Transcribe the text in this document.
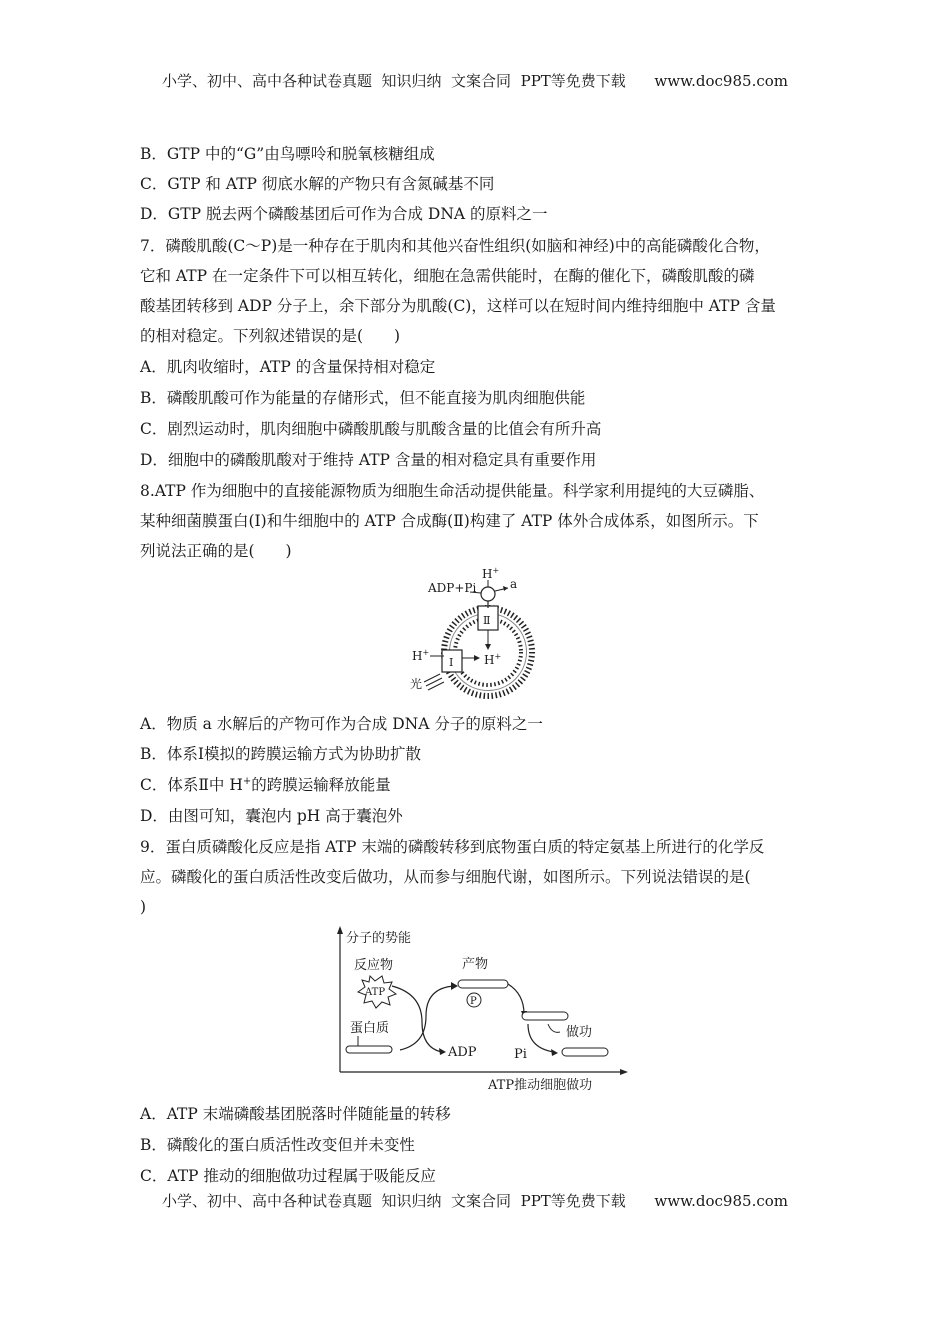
小学、初中、高中各种试卷真题  知识归纳  文案合同  PPT等免费下载      www.doc985.com
B．GTP 中的“G”由鸟嘌呤和脱氧核糖组成
C．GTP 和 ATP 彻底水解的产物只有含氮碱基不同
D．GTP 脱去两个磷酸基团后可作为合成 DNA 的原料之一
7．磷酸肌酸(C～P)是一种存在于肌肉和其他兴奋性组织(如脑和神经)中的高能磷酸化合物，
它和 ATP 在一定条件下可以相互转化，细胞在急需供能时，在酶的催化下，磷酸肌酸的磷
酸基团转移到 ADP 分子上，余下部分为肌酸(C)，这样可以在短时间内维持细胞中 ATP 含量
的相对稳定。下列叙述错误的是(　　)
A．肌肉收缩时，ATP 的含量保持相对稳定
B．磷酸肌酸可作为能量的存储形式，但不能直接为肌肉细胞供能
C．剧烈运动时，肌肉细胞中磷酸肌酸与肌酸含量的比值会有所升高
D．细胞中的磷酸肌酸对于维持 ATP 含量的相对稳定具有重要作用
8.ATP 作为细胞中的直接能源物质为细胞生命活动提供能量。科学家利用提纯的大豆磷脂、
某种细菌膜蛋白(Ⅰ)和牛细胞中的 ATP 合成酶(Ⅱ)构建了 ATP 体外合成体系，如图所示。下
列说法正确的是(　　)
Ⅱ
ADP+Pi
H+
a
H+
Ⅰ
H+
光
A．物质 a 水解后的产物可作为合成 DNA 分子的原料之一
B．体系Ⅰ模拟的跨膜运输方式为协助扩散
C．体系Ⅱ中 H+的跨膜运输释放能量
D．由图可知，囊泡内 pH 高于囊泡外
9．蛋白质磷酸化反应是指 ATP 末端的磷酸转移到底物蛋白质的特定氨基上所进行的化学反
应。磷酸化的蛋白质活性改变后做功，从而参与细胞代谢，如图所示。下列说法错误的是(
)
分子的势能
ATP推动细胞做功
反应物
ATP
蛋白质
ADP
产物
P
做功
Pi
A．ATP 末端磷酸基团脱落时伴随能量的转移
B．磷酸化的蛋白质活性改变但并未变性
C．ATP 推动的细胞做功过程属于吸能反应
小学、初中、高中各种试卷真题  知识归纳  文案合同  PPT等免费下载      www.doc985.com
